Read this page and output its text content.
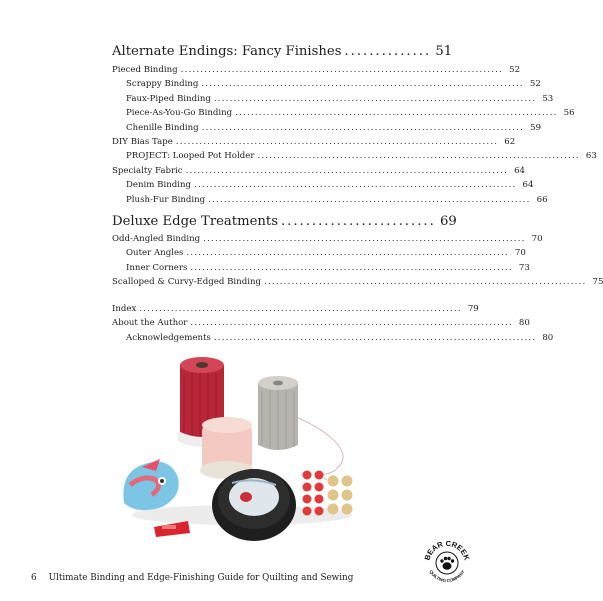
Alternate Endings: Fancy Finishes .............. 51
Pieced Binding .................................................................................. 52
Scrappy Binding .................................................................................. 52
Faux-Piped Binding .................................................................................. 53
Piece-As-You-Go Binding .................................................................................. 56
Chenille Binding .................................................................................. 59
DIY Bias Tape .................................................................................. 62
PROJECT: Looped Pot Holder .................................................................................. 63
Specialty Fabric .................................................................................. 64
Denim Binding .................................................................................. 64
Plush-Fur Binding .................................................................................. 66
Deluxe Edge Treatments ......................... 69
Odd-Angled Binding .................................................................................. 70
Outer Angles .................................................................................. 70
Inner Corners .................................................................................. 73
Scalloped & Curvy-Edged Binding .................................................................................. 75
Index .................................................................................. 79
About the Author .................................................................................. 80
Acknowledgements .................................................................................. 80
6 Ultimate Binding and Edge-Finishing Guide for Quilting and Sewing
BEAR CREEK
QUILTING COMPANY
